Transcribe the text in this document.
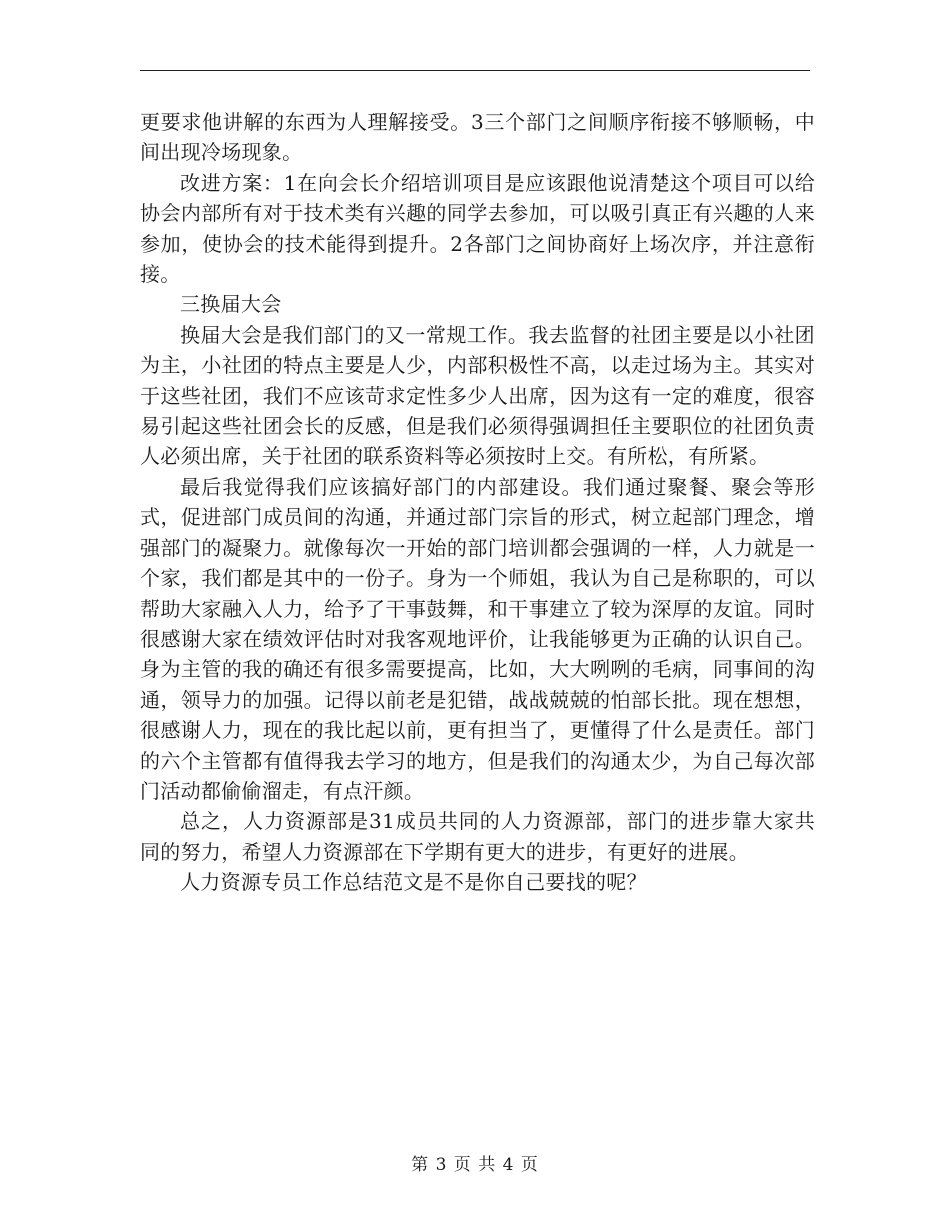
更要求他讲解的东西为人理解接受。3三个部门之间顺序衔接不够顺畅，中间出现冷场现象。

改进方案：1在向会长介绍培训项目是应该跟他说清楚这个项目可以给协会内部所有对于技术类有兴趣的同学去参加，可以吸引真正有兴趣的人来参加，使协会的技术能得到提升。2各部门之间协商好上场次序，并注意衔接。

三换届大会

换届大会是我们部门的又一常规工作。我去监督的社团主要是以小社团为主，小社团的特点主要是人少，内部积极性不高，以走过场为主。其实对于这些社团，我们不应该苛求定性多少人出席，因为这有一定的难度，很容易引起这些社团会长的反感，但是我们必须得强调担任主要职位的社团负责人必须出席，关于社团的联系资料等必须按时上交。有所松，有所紧。

最后我觉得我们应该搞好部门的内部建设。我们通过聚餐、聚会等形式，促进部门成员间的沟通，并通过部门宗旨的形式，树立起部门理念，增强部门的凝聚力。就像每次一开始的部门培训都会强调的一样，人力就是一个家，我们都是其中的一份子。身为一个师姐，我认为自己是称职的，可以帮助大家融入人力，给予了干事鼓舞，和干事建立了较为深厚的友谊。同时很感谢大家在绩效评估时对我客观地评价，让我能够更为正确的认识自己。身为主管的我的确还有很多需要提高，比如，大大咧咧的毛病，同事间的沟通，领导力的加强。记得以前老是犯错，战战兢兢的怕部长批。现在想想，很感谢人力，现在的我比起以前，更有担当了，更懂得了什么是责任。部门的六个主管都有值得我去学习的地方，但是我们的沟通太少，为自己每次部门活动都偷偷溜走，有点汗颜。

总之，人力资源部是31成员共同的人力资源部，部门的进步靠大家共同的努力，希望人力资源部在下学期有更大的进步，有更好的进展。

人力资源专员工作总结范文是不是你自己要找的呢？

第 3 页 共 4 页
